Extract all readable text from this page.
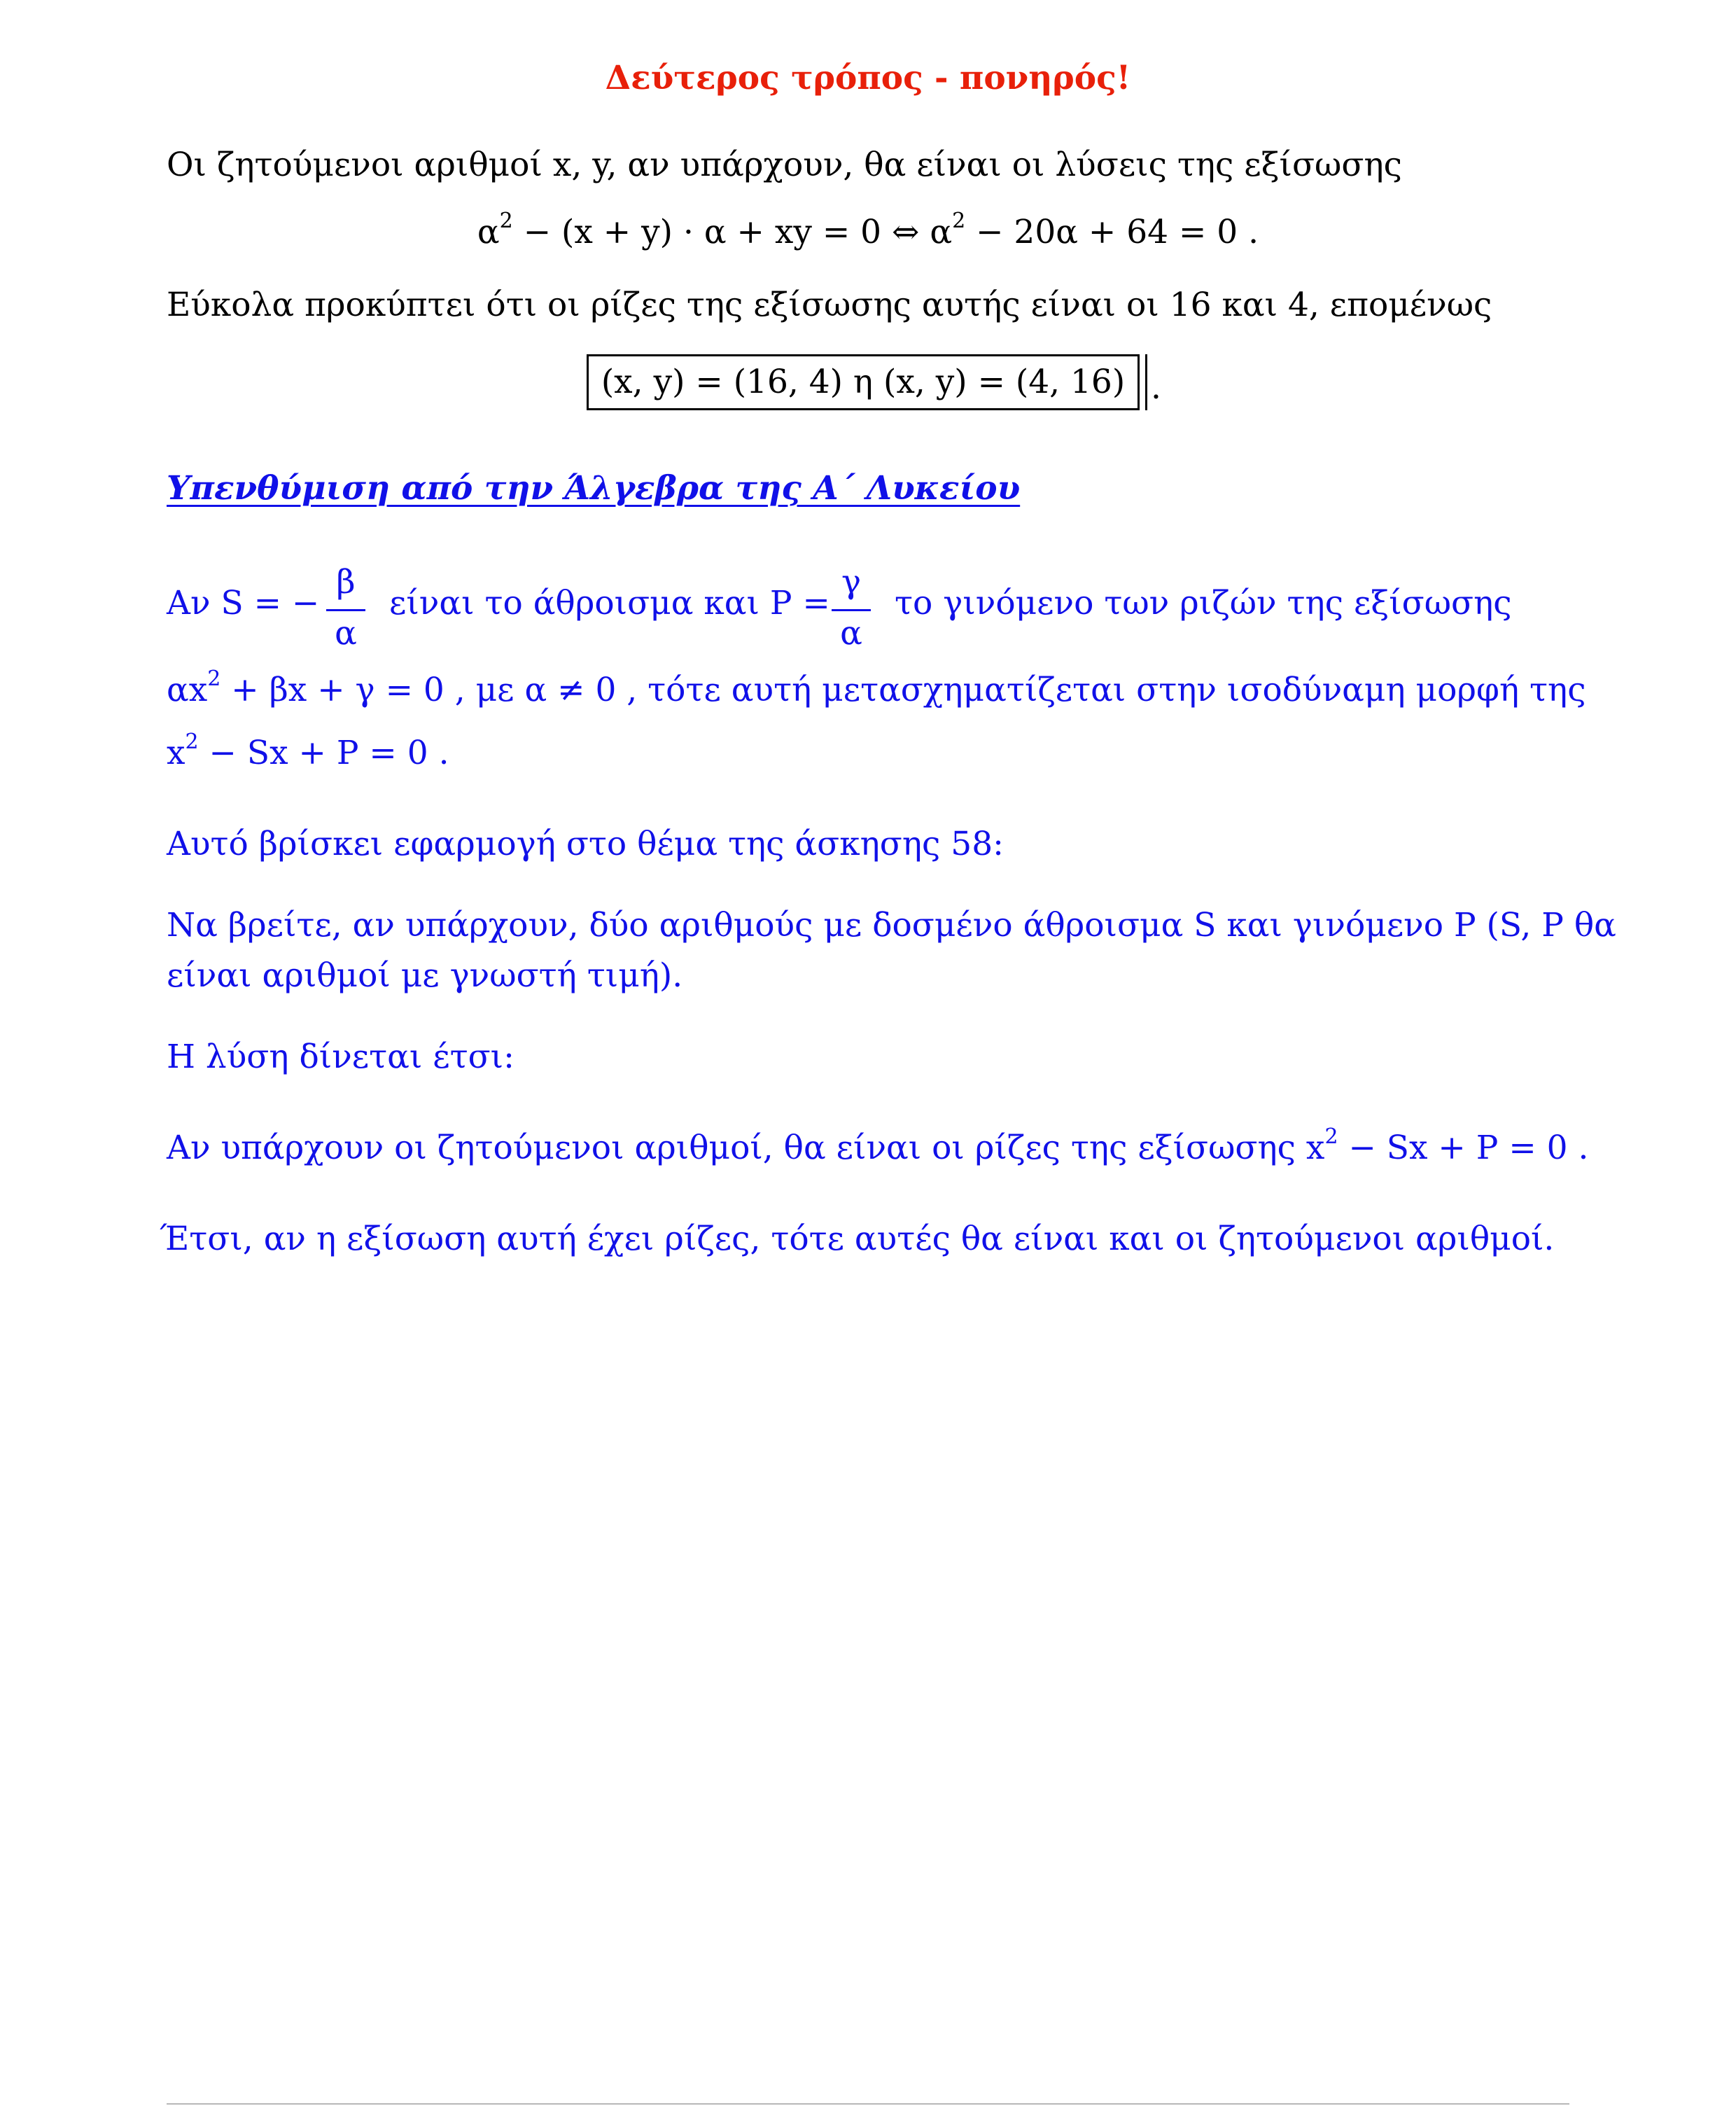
Δεύτερος τρόπος - πονηρός!
Οι ζητούμενοι αριθμοί x, y, αν υπάρχουν, θα είναι οι λύσεις της εξίσωσης
$\alpha^2 - (x + y) \cdot \alpha$ + xy = 0 ⇔ $\alpha^2 - 20\alpha + 64 = 0$ .
Εύκολα προκύπτει ότι οι ρίζες της εξίσωσης αυτής είναι οι 16 και 4, επομένως
(x, y) = (16, 4) η (x, y) = (4, 16) .
Υπενθύμιση από την Άλγεβρα της Α΄ Λυκείου
Αν S = −
β
α
είναι το άθροισμα και P =
γ
α
το γινόμενο των ριζών της εξίσωσης
$\alpha x^2 + \beta x + \gamma = 0$ , με α ≠ 0 , τότε αυτή μετασχηματίζεται στην ισοδύναμη μορφή της
$x^2 - Sx + P = 0$ .
Αυτό βρίσκει εφαρμογή στο θέμα της άσκησης 58:
Να βρείτε, αν υπάρχουν, δύο αριθμούς με δοσμένο άθροισμα S και γινόμενο P (S, P θα
είναι αριθμοί με γνωστή τιμή).
Η λύση δίνεται έτσι:
Αν υπάρχουν οι ζητούμενοι αριθμοί, θα είναι οι ρίζες της εξίσωσης $x^2 - Sx + P = 0$ .
Έτσι, αν η εξίσωση αυτή έχει ρίζες, τότε αυτές θα είναι και οι ζητούμενοι αριθμοί.
